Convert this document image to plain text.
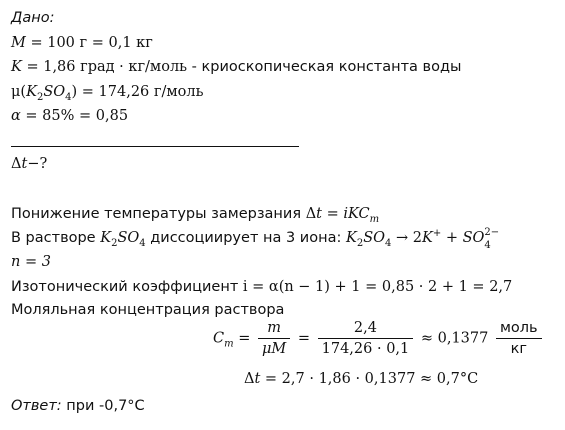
Дано:
M = 100 г = 0,1 кг
K = 1,86 град · кг/моль - криоскопическая константа воды
$\mu(K_2SO_4) = 174,26$ г/моль
α = 85% = 0,85
Δt−?
Понижение температуры замерзания Δt = iKC$_m$
В растворе $K_2SO_4$ диссоциирует на 3 иона: $K_2SO_4 \to 2K^+$ + SO 2−
4
n = 3
Изотонический коэффициент i = α(n − 1) + 1 = 0,85 · 2 + 1 = 2,7
Моляльная концентрация раствора
$C_m = \frac{m}{\mu M} = \frac{2,4}{174,26 \cdot 0,1} \approx 0,1377 \frac{\text{моль}}{кг}$
Δt = 2,7 · 1,86 · 0,1377 ≈ 0,7°C
Ответ: при -0,7°C
